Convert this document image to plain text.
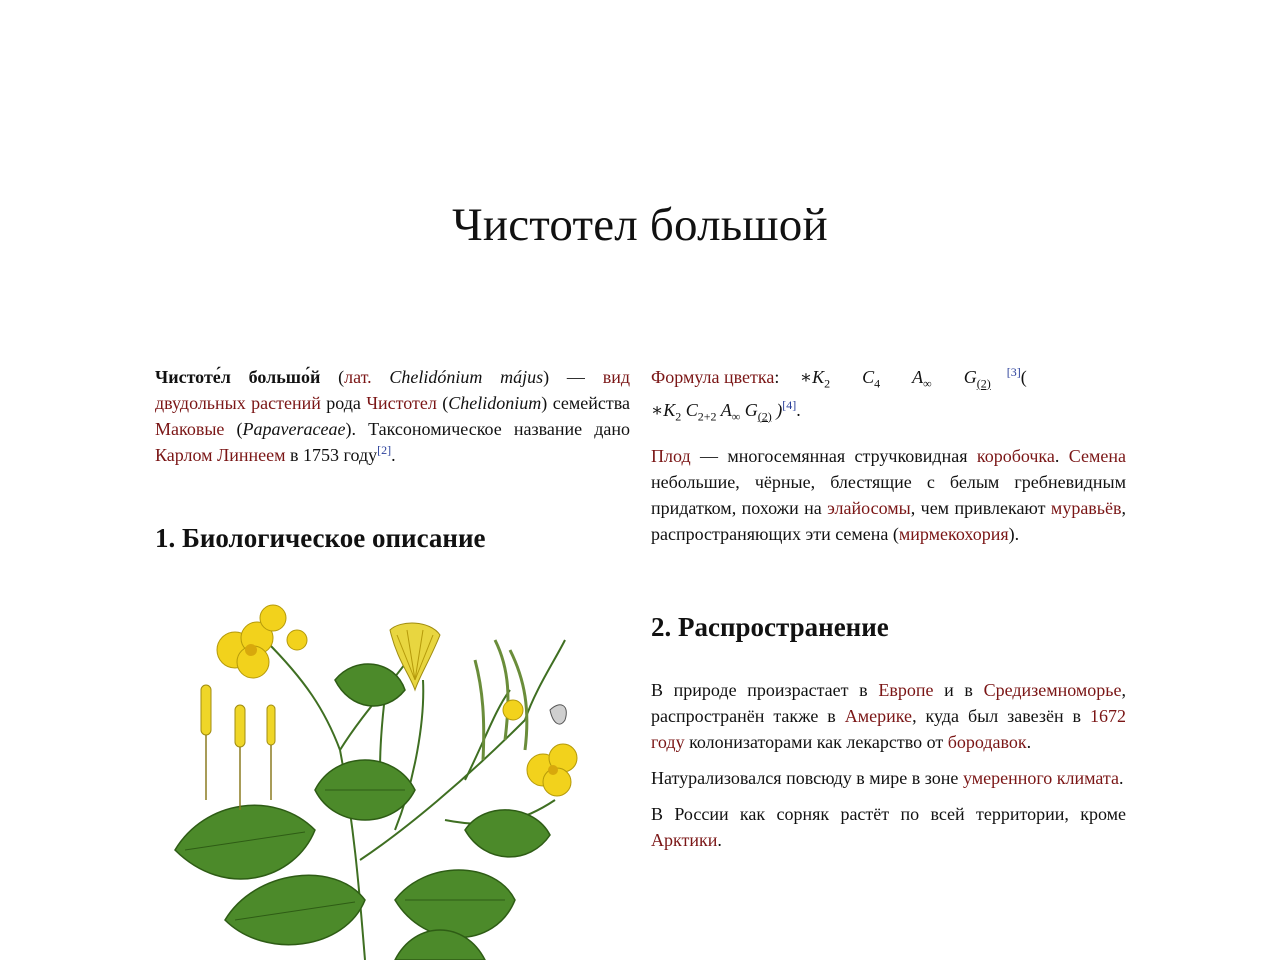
Чистотел большой

Чистоте́л большо́й (лат. Chelidónium május) — вид двудольных растений рода Чистотел (Chelidonium) семейства Маковые (Papaveraceae). Таксономическое название дано Карлом Линнеем в 1753 году[2].

1. Биологическое описание

Формула цветка: $∗K_2$ $C_4$ $A_\infty$ $G_{(2)}[3]$(
$∗K_2$ $C_{2+2}$ $A_\infty$ $G_{(2)}$ )[4].

Плод — многосемянная стручковидная коробочка. Семена небольшие, чёрные, блестящие с белым гребневидным придатком, похожи на элайосомы, чем привлекают муравьёв, распространяющих эти семена (мирмекохория).

2. Распространение

В природе произрастает в Европе и в Средиземноморье, распространён также в Америке, куда был завезён в 1672 году колонизаторами как лекарство от бородавок.

Натурализовался повсюду в мире в зоне умеренного климата.

В России как сорняк растёт по всей территории, кроме Арктики.
